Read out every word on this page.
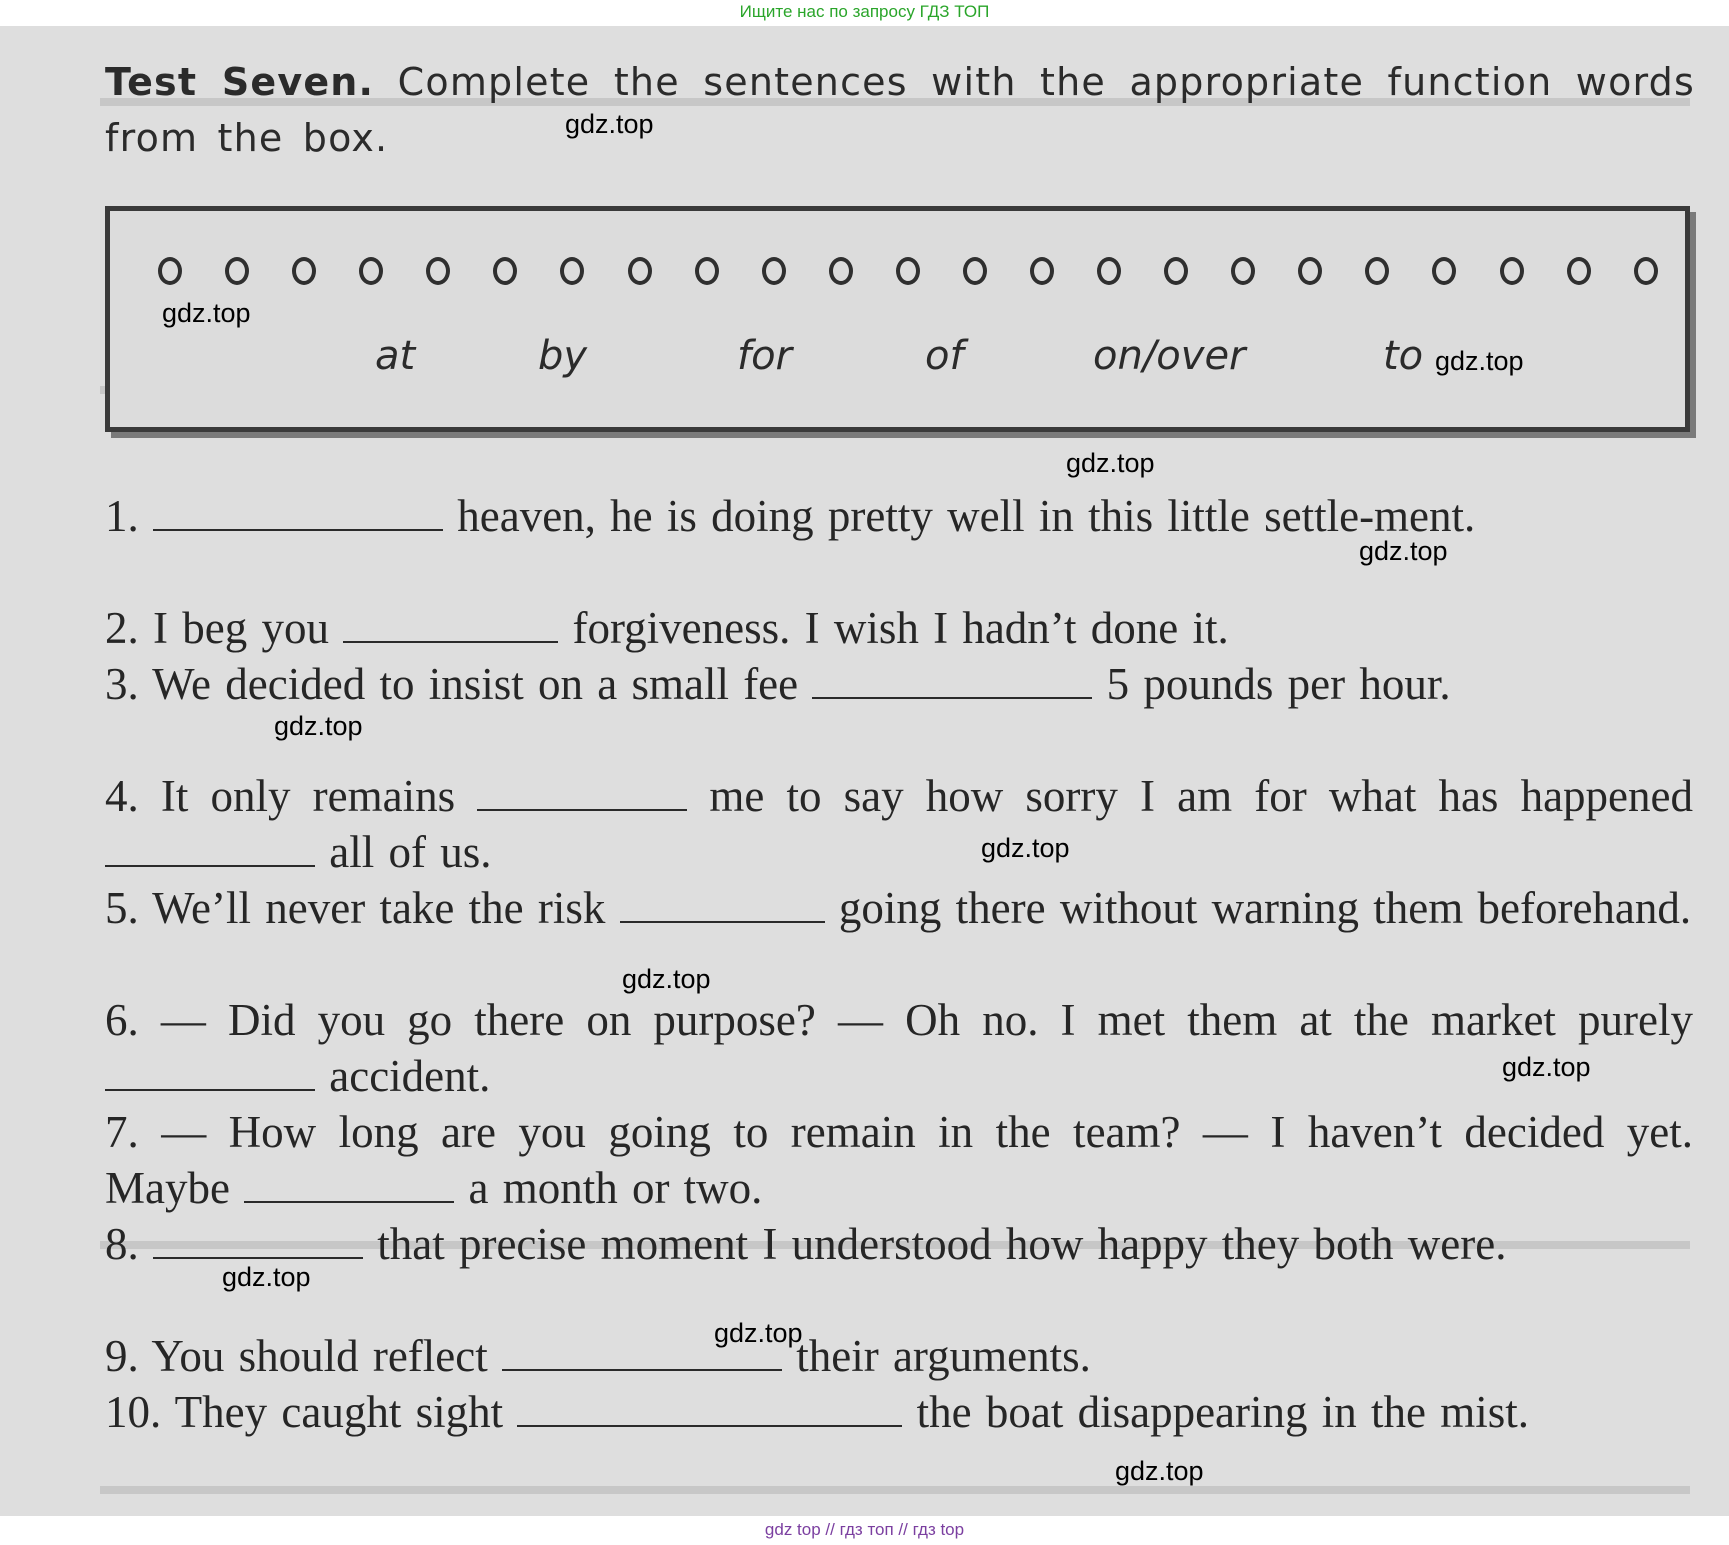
Ищите нас по запросу ГДЗ ТОП
Test Seven. Complete the sentences with the appropriate function words from the box.
at	by	for	of	on/over	to
1.	heaven, he is doing pretty well in this little settle-ment.
2. I beg you	forgiveness. I wish I hadn’t done it.
3. We decided to insist on a small fee	5 pounds per hour.
4. It only remains	me to say how sorry I am for what has happened  all of us.
5. We’ll never take the risk	going there without warning them beforehand.
6. — Did you go there on purpose? — Oh no. I met them at the market purely  accident.
7. — How long are you going to remain in the team? — I haven’t decided yet. Maybe	a month or two.
8.	that precise moment I understood how happy they both were.
9. You should reflect	their arguments.
10. They caught sight	the boat disappearing in the mist.
gdz.top
gdz.top
gdz.top
gdz.top
gdz.top
gdz.top
gdz.top
gdz.top
gdz.top
gdz.top
gdz.top
gdz.top
gdz top // гдз топ // гдз top
